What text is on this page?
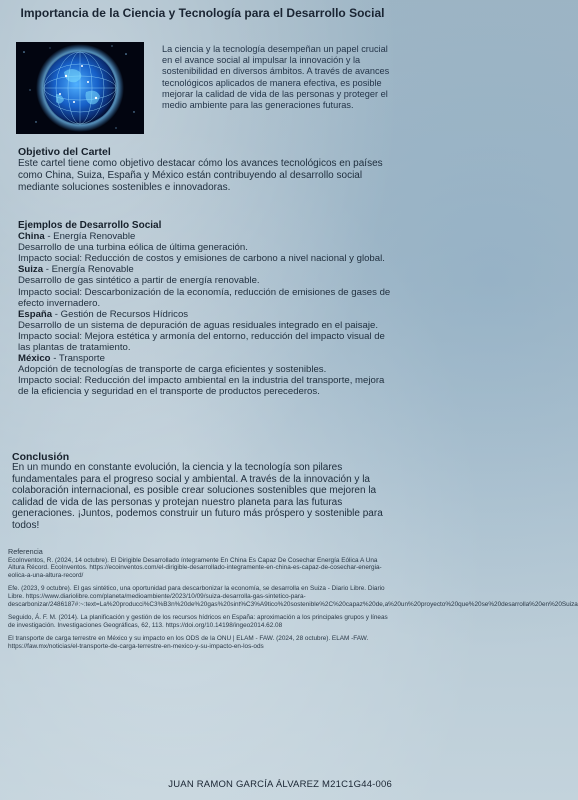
Importancia de la Ciencia y Tecnología para el Desarrollo Social
La ciencia y la tecnología desempeñan un papel crucial en el avance social al impulsar la innovación y la sostenibilidad en diversos ámbitos. A través de avances tecnológicos aplicados de manera efectiva, es posible mejorar la calidad de vida de las personas y proteger el medio ambiente para las generaciones futuras.
Objetivo del Cartel
Este cartel tiene como objetivo destacar cómo los avances tecnológicos en países como China, Suiza, España y México están contribuyendo al desarrollo social mediante soluciones sostenibles e innovadoras.
Ejemplos de Desarrollo Social

China - Energía Renovable

Desarrollo de una turbina eólica de última generación.

Impacto social: Reducción de costos y emisiones de carbono a nivel nacional y global.

Suiza - Energía Renovable

Desarrollo de gas sintético a partir de energía renovable.

Impacto social: Descarbonización de la economía, reducción de emisiones de gases de efecto invernadero.

España - Gestión de Recursos Hídricos

Desarrollo de un sistema de depuración de aguas residuales integrado en el paisaje.

Impacto social: Mejora estética y armonía del entorno, reducción del impacto visual de las plantas de tratamiento.

México - Transporte

Adopción de tecnologías de transporte de carga eficientes y sostenibles.

Impacto social: Reducción del impacto ambiental en la industria del transporte, mejora de la eficiencia y seguridad en el transporte de productos perecederos.

Conclusión
En un mundo en constante evolución, la ciencia y la tecnología son pilares fundamentales para el progreso social y ambiental. A través de la innovación y la colaboración internacional, es posible crear soluciones sostenibles que mejoren la calidad de vida de las personas y protejan nuestro planeta para las futuras generaciones. ¡Juntos, podemos construir un futuro más próspero y sostenible para todos!
Referencia

EcoInventos, R. (2024, 14 octubre). El Dirigible Desarrollado íntegramente En China Es Capaz De Cosechar Energía Eólica A Una Altura Récord. EcoInventos. https://ecoinventos.com/el-dirigible-desarrollado-integramente-en-china-es-capaz-de-cosechar-energia-eolica-a-una-altura-record/

Efe. (2023, 9 octubre). El gas sintético, una oportunidad para descarbonizar la economía, se desarrolla en Suiza - Diario Libre. Diario Libre. https://www.diariolibre.com/planeta/medioambiente/2023/10/09/suiza-desarrolla-gas-sintetico-para-descarbonizar/2486187#:~:text=La%20producci%C3%B3n%20de%20gas%20sint%C3%A9tico%20sostenible%2C%20capaz%20de,a%20un%20proyecto%20que%20se%20desarrolla%20en%20Suiza

Seguido, Á. F. M. (2014). La planificación y gestión de los recursos hídricos en España: aproximación a los principales grupos y líneas de investigación. Investigaciones Geográficas, 62, 113. https://doi.org/10.14198/ingeo2014.62.08

El transporte de carga terrestre en México y su impacto en los ODS de la ONU | ELAM - FAW. (2024, 28 octubre). ELAM -FAW. https://faw.mx/noticias/el-transporte-de-carga-terrestre-en-mexico-y-su-impacto-en-los-ods

JUAN RAMON GARCÍA ÁLVAREZ M21C1G44-006
